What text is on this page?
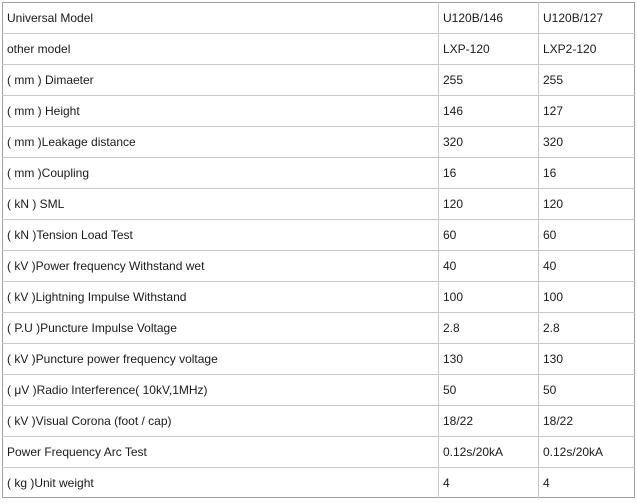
Universal Model	U120B/146	U120B/127
other model	LXP-120	LXP2-120
( mm ) Dimaeter	255	255
( mm ) Height	146	127
( mm )Leakage distance	320	320
( mm )Coupling	16	16
( kN ) SML	120	120
( kN )Tension Load Test	60	60
( kV )Power frequency Withstand wet	40	40
( kV )Lightning Impulse Withstand	100	100
( P.U )Puncture Impulse Voltage	2.8	2.8
( kV )Puncture power frequency voltage	130	130
( μV )Radio Interference( 10kV,1MHz)	50	50
( kV )Visual Corona (foot / cap)	18/22	18/22
Power Frequency Arc Test	0.12s/20kA	0.12s/20kA
( kg )Unit weight	4	4
